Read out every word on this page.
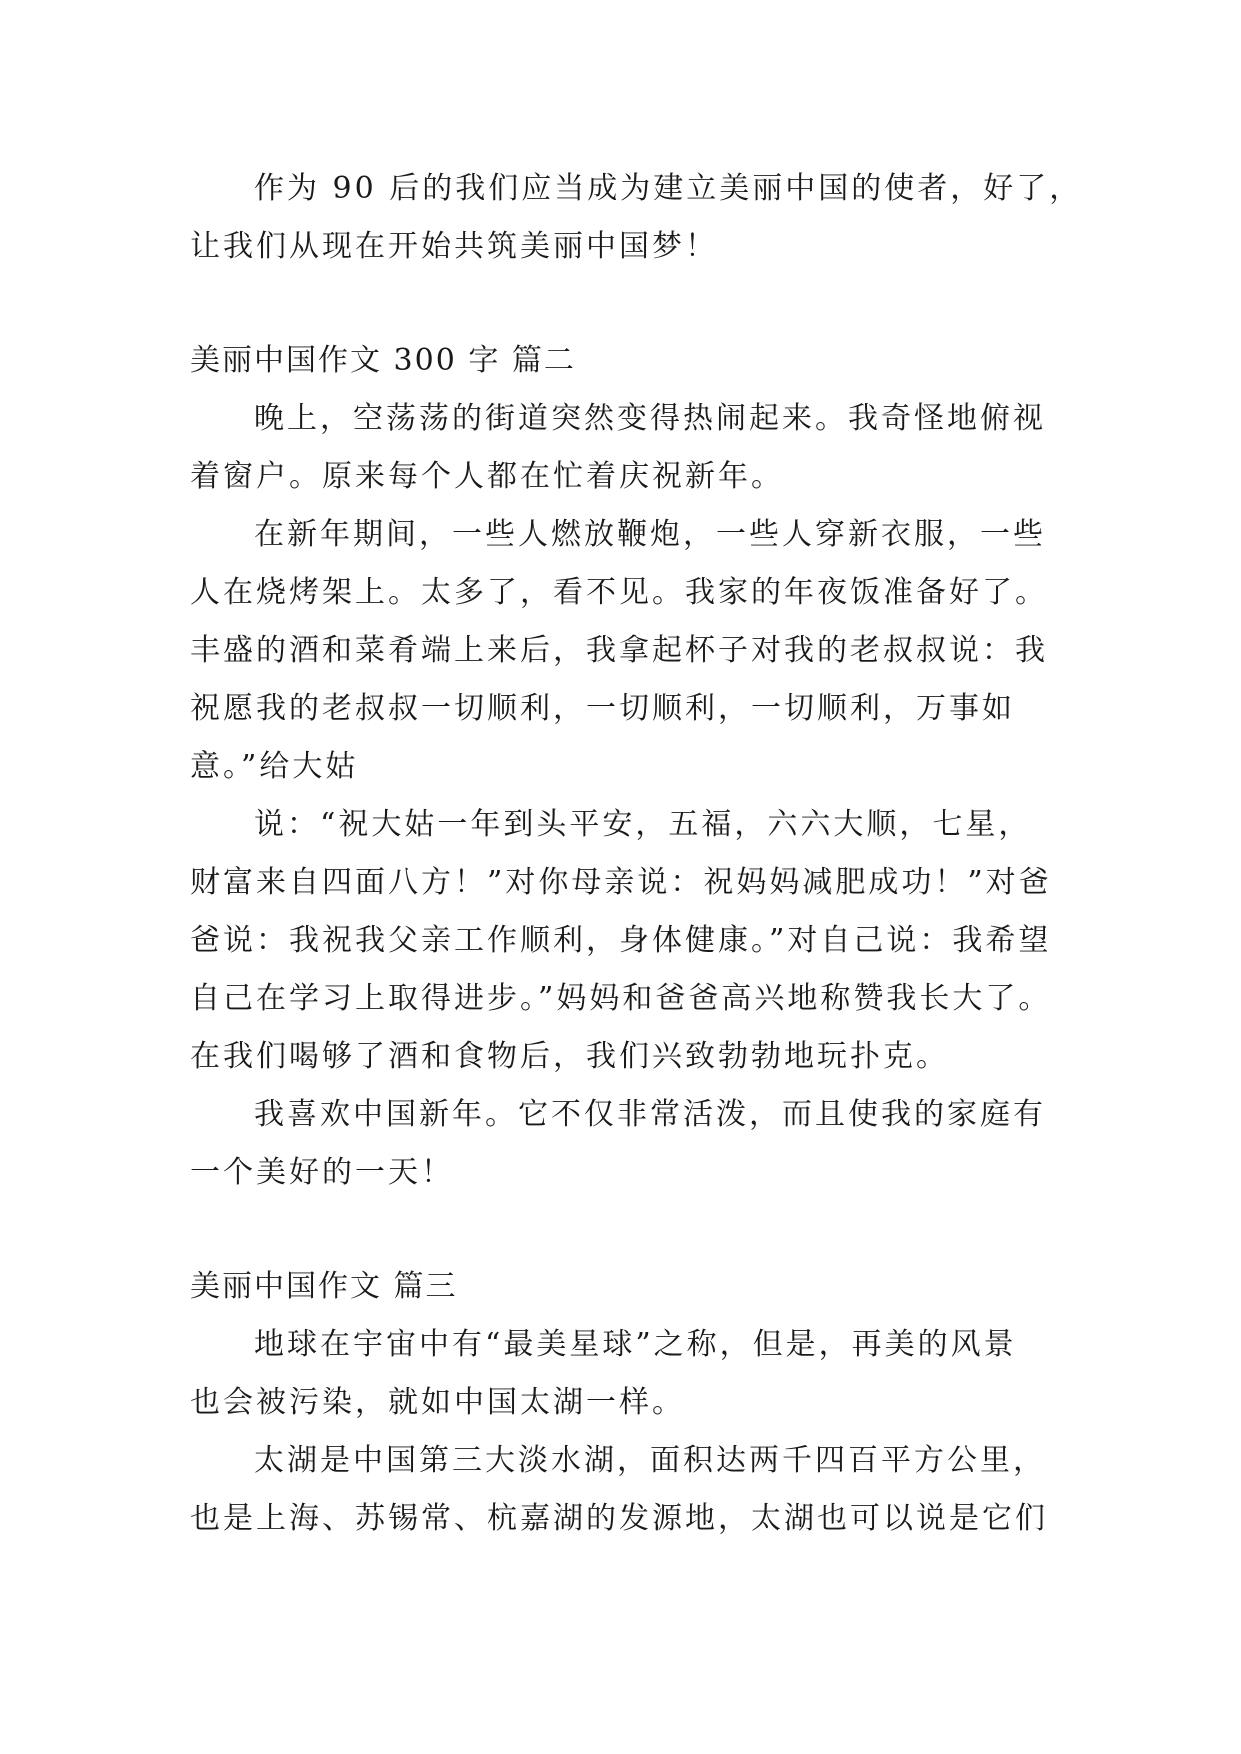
作为 90 后的我们应当成为建立美丽中国的使者，好了，
让我们从现在开始共筑美丽中国梦！
美丽中国作文 300 字 篇二
晚上，空荡荡的街道突然变得热闹起来。我奇怪地俯视
着窗户。原来每个人都在忙着庆祝新年。
在新年期间，一些人燃放鞭炮，一些人穿新衣服，一些
人在烧烤架上。太多了，看不见。我家的年夜饭准备好了。
丰盛的酒和菜肴端上来后，我拿起杯子对我的老叔叔说：我
祝愿我的老叔叔一切顺利，一切顺利，一切顺利，万事如
意。”给大姑
说：“祝大姑一年到头平安，五福，六六大顺，七星，
财富来自四面八方！”对你母亲说：祝妈妈减肥成功！”对爸
爸说：我祝我父亲工作顺利，身体健康。”对自己说：我希望
自己在学习上取得进步。”妈妈和爸爸高兴地称赞我长大了。
在我们喝够了酒和食物后，我们兴致勃勃地玩扑克。
我喜欢中国新年。它不仅非常活泼，而且使我的家庭有
一个美好的一天！
美丽中国作文 篇三
地球在宇宙中有“最美星球”之称，但是，再美的风景
也会被污染，就如中国太湖一样。
太湖是中国第三大淡水湖，面积达两千四百平方公里，
也是上海、苏锡常、杭嘉湖的发源地，太湖也可以说是它们
